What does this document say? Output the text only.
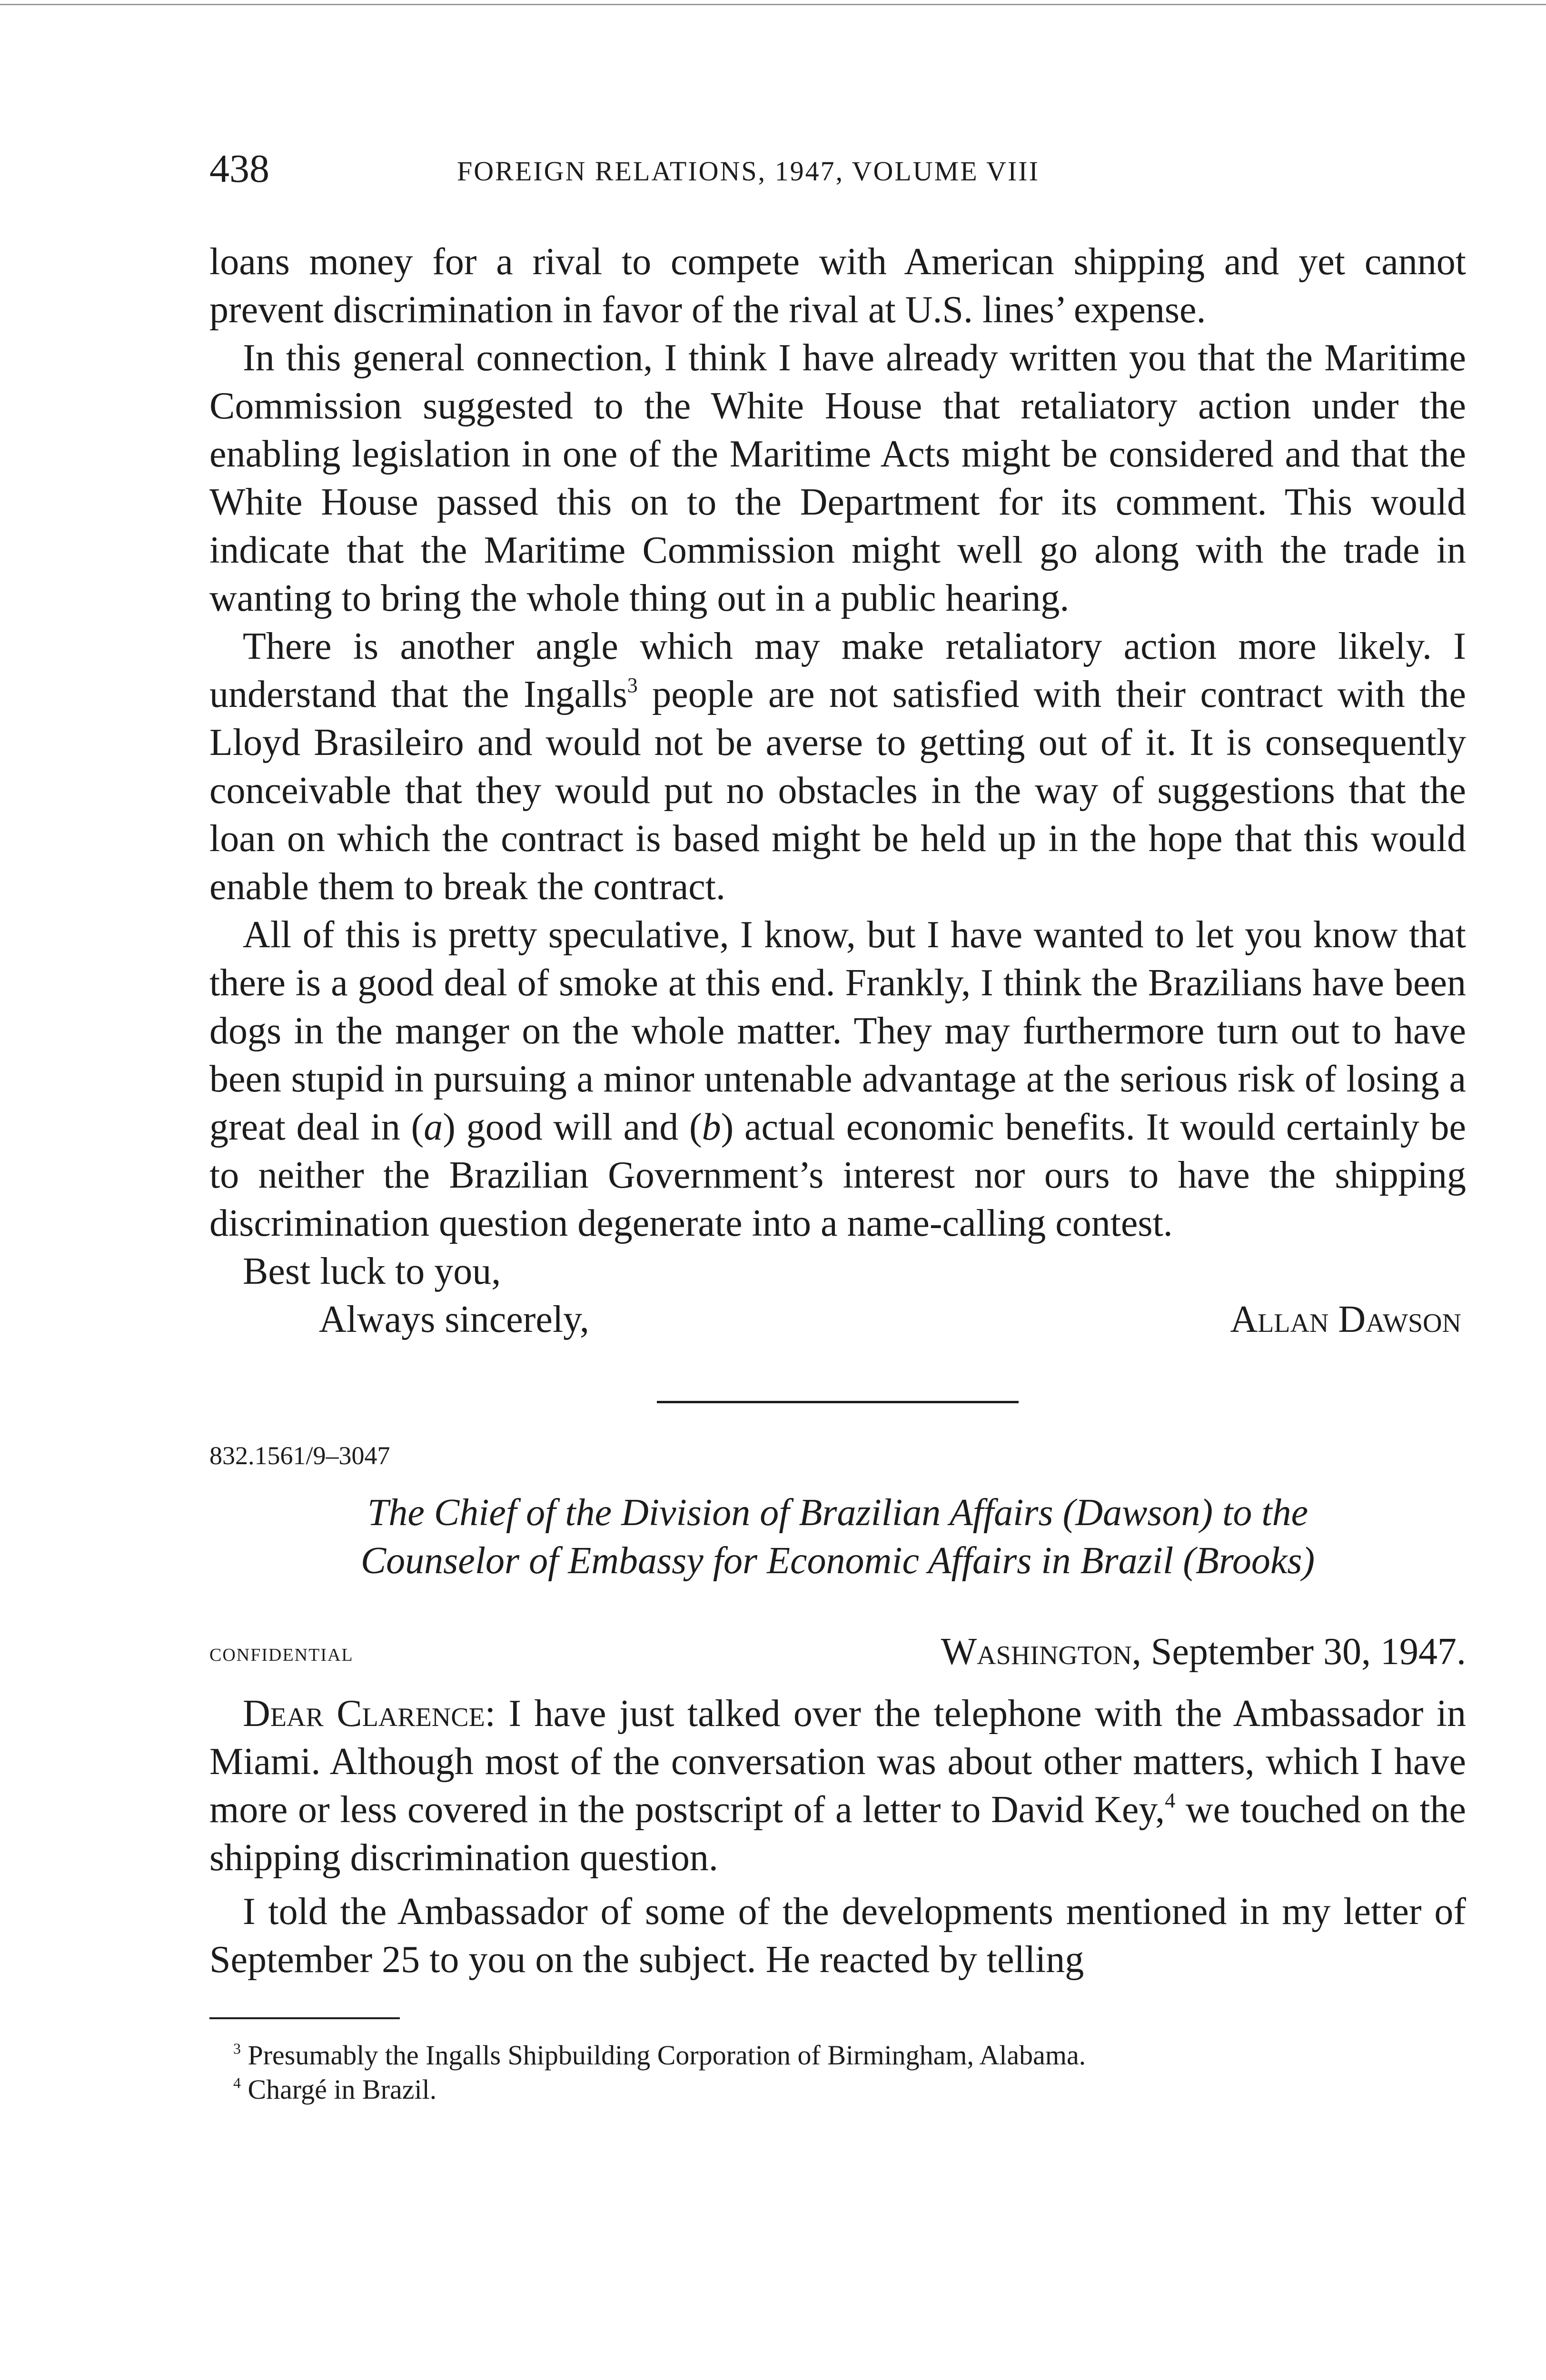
438	FOREIGN RELATIONS, 1947, VOLUME VIII

loans money for a rival to compete with American shipping and yet cannot prevent discrimination in favor of the rival at U.S. lines’ expense.

In this general connection, I think I have already written you that the Maritime Commission suggested to the White House that retaliatory action under the enabling legislation in one of the Maritime Acts might be considered and that the White House passed this on to the Department for its comment. This would indicate that the Maritime Commission might well go along with the trade in wanting to bring the whole thing out in a public hearing.

There is another angle which may make retaliatory action more likely. I understand that the Ingalls$^3$ people are not satisfied with their contract with the Lloyd Brasileiro and would not be averse to getting out of it. It is consequently conceivable that they would put no obstacles in the way of suggestions that the loan on which the contract is based might be held up in the hope that this would enable them to break the contract.

All of this is pretty speculative, I know, but I have wanted to let you know that there is a good deal of smoke at this end. Frankly, I think the Brazilians have been dogs in the manger on the whole matter. They may furthermore turn out to have been stupid in pursuing a minor untenable advantage at the serious risk of losing a great deal in (a) good will and (b) actual economic benefits. It would certainly be to neither the Brazilian Government’s interest nor ours to have the shipping discrimination question degenerate into a name-calling contest.

Best luck to you,
Always sincerely,	Allan Dawson
832.1561/9–3047
The Chief of the Division of Brazilian Affairs (Dawson) to the
Counselor of Embassy for Economic Affairs in Brazil (Brooks)
confidential	Washington, September 30, 1947.

Dear Clarence: I have just talked over the telephone with the Ambassador in Miami. Although most of the conversation was about other matters, which I have more or less covered in the postscript of a letter to David Key,$^4$ we touched on the shipping discrimination question.

I told the Ambassador of some of the developments mentioned in my letter of September 25 to you on the subject. He reacted by telling

$^3$ Presumably the Ingalls Shipbuilding Corporation of Birmingham, Alabama.
$^4$ Chargé in Brazil.
